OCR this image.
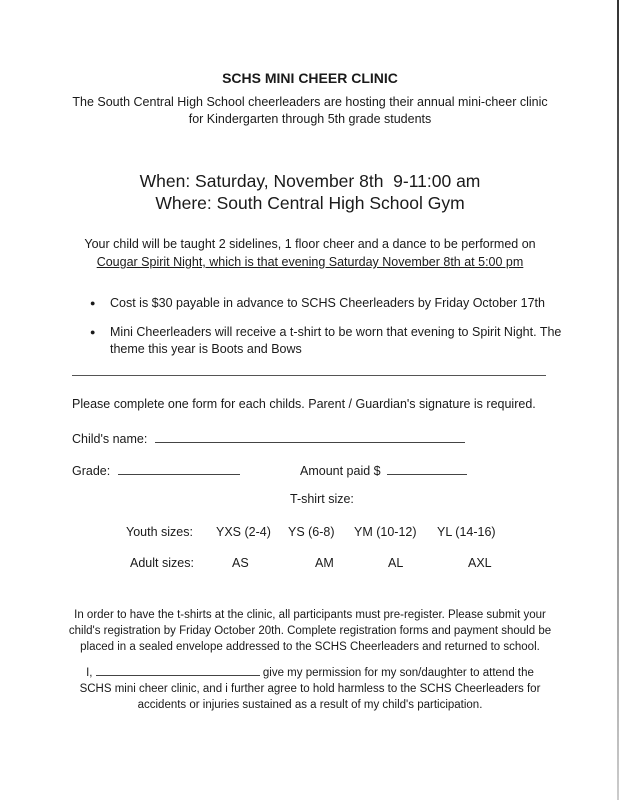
SCHS MINI CHEER CLINIC
The South Central High School cheerleaders are hosting their annual mini-cheer clinic
for Kindergarten through 5th grade students
When: Saturday, November 8th  9-11:00 am
Where: South Central High School Gym
Your child will be taught 2 sidelines, 1 floor cheer and a dance to be performed on
Cougar Spirit Night, which is that evening Saturday November 8th at 5:00 pm
● Cost is $30 payable in advance to SCHS Cheerleaders by Friday October 17th
● Mini Cheerleaders will receive a t-shirt to be worn that evening to Spirit Night. The theme this year is Boots and Bows
Please complete one form for each childs. Parent / Guardian's signature is required.
Child's name:
Grade:	Amount paid $
T-shirt size:
Youth sizes: YXS (2-4) YS (6-8) YM (10-12) YL (14-16)
Adult sizes:	AS	AM	AL	AXL
In order to have the t-shirts at the clinic, all participants must pre-register. Please submit your
child's registration by Friday October 20th. Complete registration forms and payment should be
placed in a sealed envelope addressed to the SCHS Cheerleaders and returned to school.
I,	give my permission for my son/daughter to attend the
SCHS mini cheer clinic, and i further agree to hold harmless to the SCHS Cheerleaders for
accidents or injuries sustained as a result of my child's participation.
